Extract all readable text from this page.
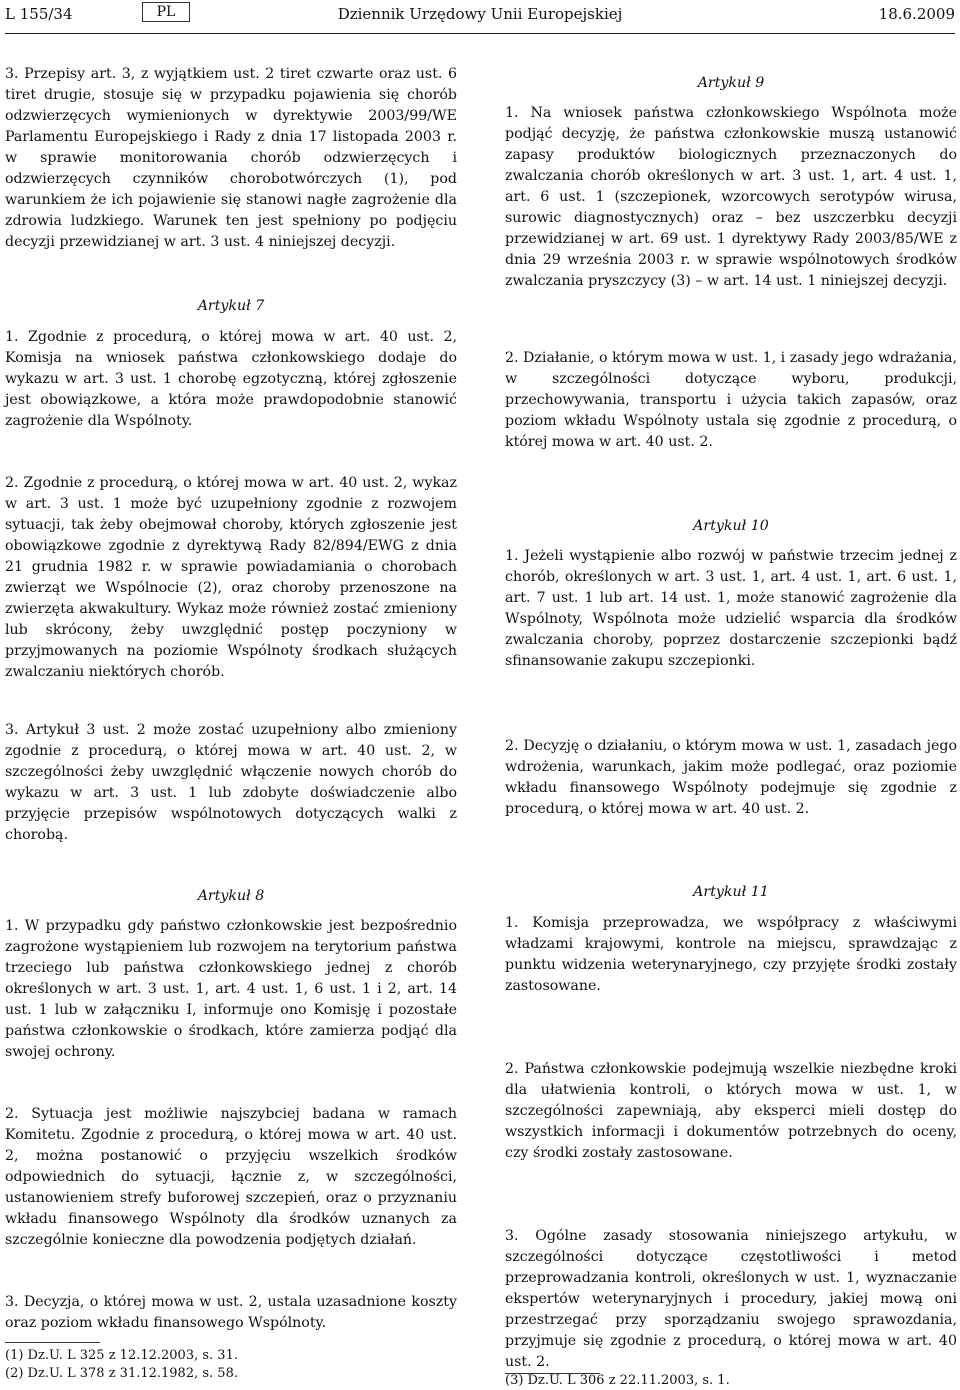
L 155/34	PL	Dziennik Urzędowy Unii Europejskiej	18.6.2009

3. Przepisy art. 3, z wyjątkiem ust. 2 tiret czwarte oraz ust. 6 tiret drugie, stosuje się w przypadku pojawienia się chorób odzwierzęcych wymienionych w dyrektywie 2003/99/WE Parlamentu Europejskiego i Rady z dnia 17 listopada 2003 r. w sprawie monitorowania chorób odzwierzęcych i odzwierzęcych czynników chorobotwórczych (1), pod warunkiem że ich pojawienie się stanowi nagłe zagrożenie dla zdrowia ludzkiego. Warunek ten jest spełniony po podjęciu decyzji przewidzianej w art. 3 ust. 4 niniejszej decyzji.

Artykuł 7

1. Zgodnie z procedurą, o której mowa w art. 40 ust. 2, Komisja na wniosek państwa członkowskiego dodaje do wykazu w art. 3 ust. 1 chorobę egzotyczną, której zgłoszenie jest obowiązkowe, a która może prawdopodobnie stanowić zagrożenie dla Wspólnoty.

2. Zgodnie z procedurą, o której mowa w art. 40 ust. 2, wykaz w art. 3 ust. 1 może być uzupełniony zgodnie z rozwojem sytuacji, tak żeby obejmował choroby, których zgłoszenie jest obowiązkowe zgodnie z dyrektywą Rady 82/894/EWG z dnia 21 grudnia 1982 r. w sprawie powiadamiania o chorobach zwierząt we Wspólnocie (2), oraz choroby przenoszone na zwierzęta akwakultury. Wykaz może również zostać zmieniony lub skrócony, żeby uwzględnić postęp poczyniony w przyjmowanych na poziomie Wspólnoty środkach służących zwalczaniu niektórych chorób.

3. Artykuł 3 ust. 2 może zostać uzupełniony albo zmieniony zgodnie z procedurą, o której mowa w art. 40 ust. 2, w szczególności żeby uwzględnić włączenie nowych chorób do wykazu w art. 3 ust. 1 lub zdobyte doświadczenie albo przyjęcie przepisów wspólnotowych dotyczących walki z chorobą.

Artykuł 8

1. W przypadku gdy państwo członkowskie jest bezpośrednio zagrożone wystąpieniem lub rozwojem na terytorium państwa trzeciego lub państwa członkowskiego jednej z chorób określonych w art. 3 ust. 1, art. 4 ust. 1, 6 ust. 1 i 2, art. 14 ust. 1 lub w załączniku I, informuje ono Komisję i pozostałe państwa członkowskie o środkach, które zamierza podjąć dla swojej ochrony.

2. Sytuacja jest możliwie najszybciej badana w ramach Komitetu. Zgodnie z procedurą, o której mowa w art. 40 ust. 2, można postanowić o przyjęciu wszelkich środków odpowiednich do sytuacji, łącznie z, w szczególności, ustanowieniem strefy buforowej szczepień, oraz o przyznaniu wkładu finansowego Wspólnoty dla środków uznanych za szczególnie konieczne dla powodzenia podjętych działań.

3. Decyzja, o której mowa w ust. 2, ustala uzasadnione koszty oraz poziom wkładu finansowego Wspólnoty.

(1) Dz.U. L 325 z 12.12.2003, s. 31.
(2) Dz.U. L 378 z 31.12.1982, s. 58.

Artykuł 9

1. Na wniosek państwa członkowskiego Wspólnota może podjąć decyzję, że państwa członkowskie muszą ustanowić zapasy produktów biologicznych przeznaczonych do zwalczania chorób określonych w art. 3 ust. 1, art. 4 ust. 1, art. 6 ust. 1 (szczepionek, wzorcowych serotypów wirusa, surowic diagnostycznych) oraz – bez uszczerbku decyzji przewidzianej w art. 69 ust. 1 dyrektywy Rady 2003/85/WE z dnia 29 września 2003 r. w sprawie wspólnotowych środków zwalczania pryszczycy (3) – w art. 14 ust. 1 niniejszej decyzji.

2. Działanie, o którym mowa w ust. 1, i zasady jego wdrażania, w szczególności dotyczące wyboru, produkcji, przechowywania, transportu i użycia takich zapasów, oraz poziom wkładu Wspólnoty ustala się zgodnie z procedurą, o której mowa w art. 40 ust. 2.

Artykuł 10

1. Jeżeli wystąpienie albo rozwój w państwie trzecim jednej z chorób, określonych w art. 3 ust. 1, art. 4 ust. 1, art. 6 ust. 1, art. 7 ust. 1 lub art. 14 ust. 1, może stanowić zagrożenie dla Wspólnoty, Wspólnota może udzielić wsparcia dla środków zwalczania choroby, poprzez dostarczenie szczepionki bądź sfinansowanie zakupu szczepionki.

2. Decyzję o działaniu, o którym mowa w ust. 1, zasadach jego wdrożenia, warunkach, jakim może podlegać, oraz poziomie wkładu finansowego Wspólnoty podejmuje się zgodnie z procedurą, o której mowa w art. 40 ust. 2.

Artykuł 11

1. Komisja przeprowadza, we współpracy z właściwymi władzami krajowymi, kontrole na miejscu, sprawdzając z punktu widzenia weterynaryjnego, czy przyjęte środki zostały zastosowane.

2. Państwa członkowskie podejmują wszelkie niezbędne kroki dla ułatwienia kontroli, o których mowa w ust. 1, w szczególności zapewniają, aby eksperci mieli dostęp do wszystkich informacji i dokumentów potrzebnych do oceny, czy środki zostały zastosowane.

3. Ogólne zasady stosowania niniejszego artykułu, w szczególności dotyczące częstotliwości i metod przeprowadzania kontroli, określonych w ust. 1, wyznaczanie ekspertów weterynaryjnych i procedury, jakiej mową oni przestrzegać przy sporządzaniu swojego sprawozdania, przyjmuje się zgodnie z procedurą, o której mowa w art. 40 ust. 2.

(3) Dz.U. L 306 z 22.11.2003, s. 1.
